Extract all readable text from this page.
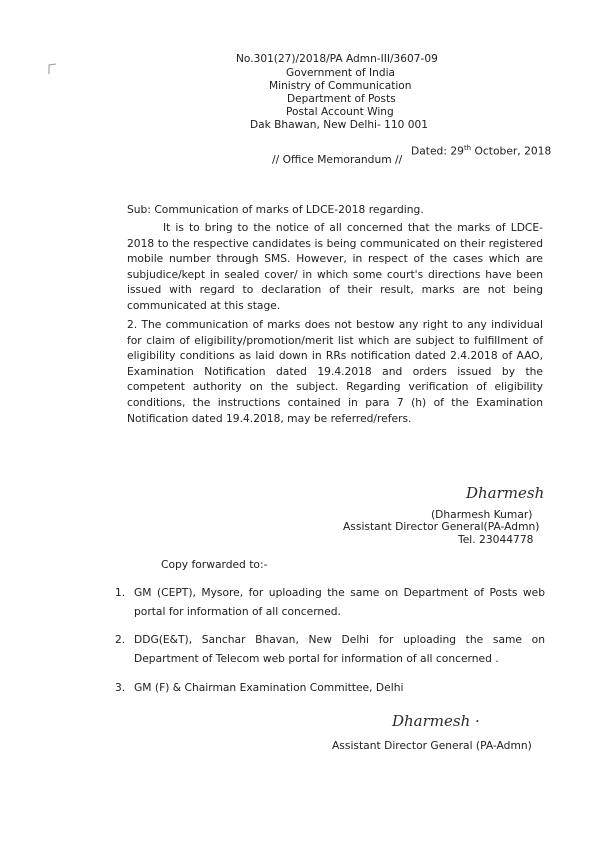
No.301(27)/2018/PA Admn-III/3607-09
Government of India
Ministry of Communication
Department of Posts
Postal Account Wing
Dak Bhawan, New Delhi- 110 001
Dated: 29th October, 2018
// Office Memorandum //
Sub: Communication of marks of LDCE-2018 regarding.
It is to bring to the notice of all concerned that the marks of LDCE-2018 to the respective candidates is being communicated on their registered mobile number through SMS. However, in respect of the cases which are subjudice/kept in sealed cover/ in which some court's directions have been issued with regard to declaration of their result, marks are not being communicated at this stage.
2. The communication of marks does not bestow any right to any individual for claim of eligibility/promotion/merit list which are subject to fulfillment of eligibility conditions as laid down in RRs notification dated 2.4.2018 of AAO, Examination Notification dated 19.4.2018 and orders issued by the competent authority on the subject. Regarding verification of eligibility conditions, the instructions contained in para 7 (h) of the Examination Notification dated 19.4.2018, may be referred/refers.
Dharmesh
(Dharmesh Kumar)
Assistant Director General(PA-Admn)
Tel. 23044778
Copy forwarded to:-
1. GM (CEPT), Mysore, for uploading the same on Department of Posts web portal for information of all concerned.
2. DDG(E&T), Sanchar Bhavan, New Delhi for uploading the same on Department of Telecom web portal for information of all concerned .
3. GM (F) & Chairman Examination Committee, Delhi
Dharmesh ·
Assistant Director General (PA-Admn)
